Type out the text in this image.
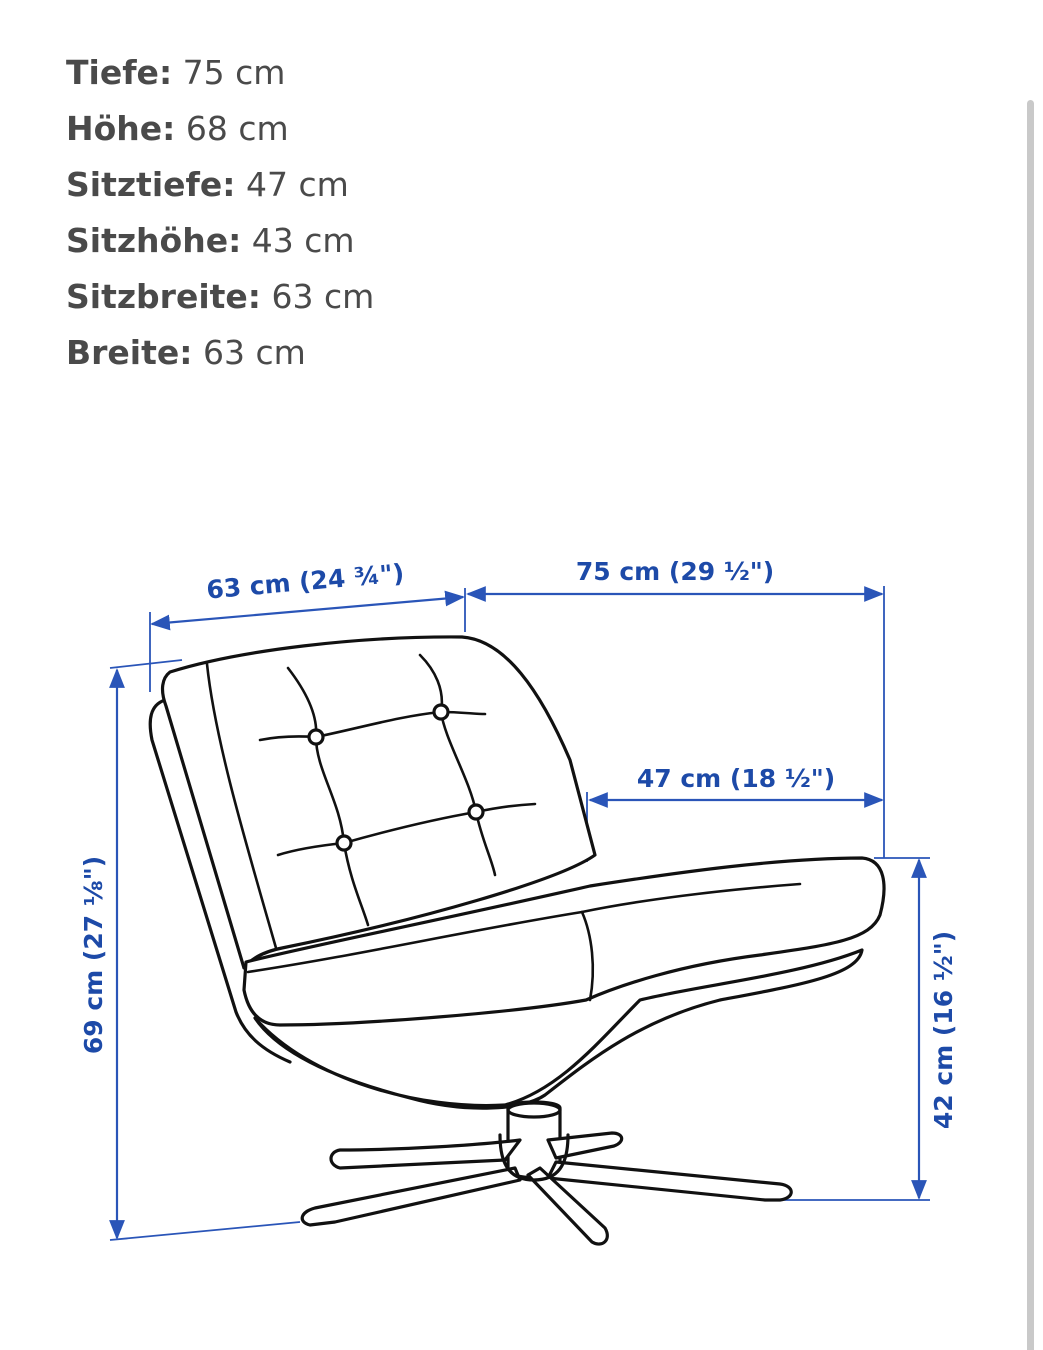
Tiefe: 75 cm
Höhe: 68 cm
Sitztiefe: 47 cm
Sitzhöhe: 43 cm
Sitzbreite: 63 cm
Breite: 63 cm
63 cm (24 ¾")	75 cm (29 ½")
47 cm (18 ½")
69 cm (27 ⅛")	42 cm (16 ½")
